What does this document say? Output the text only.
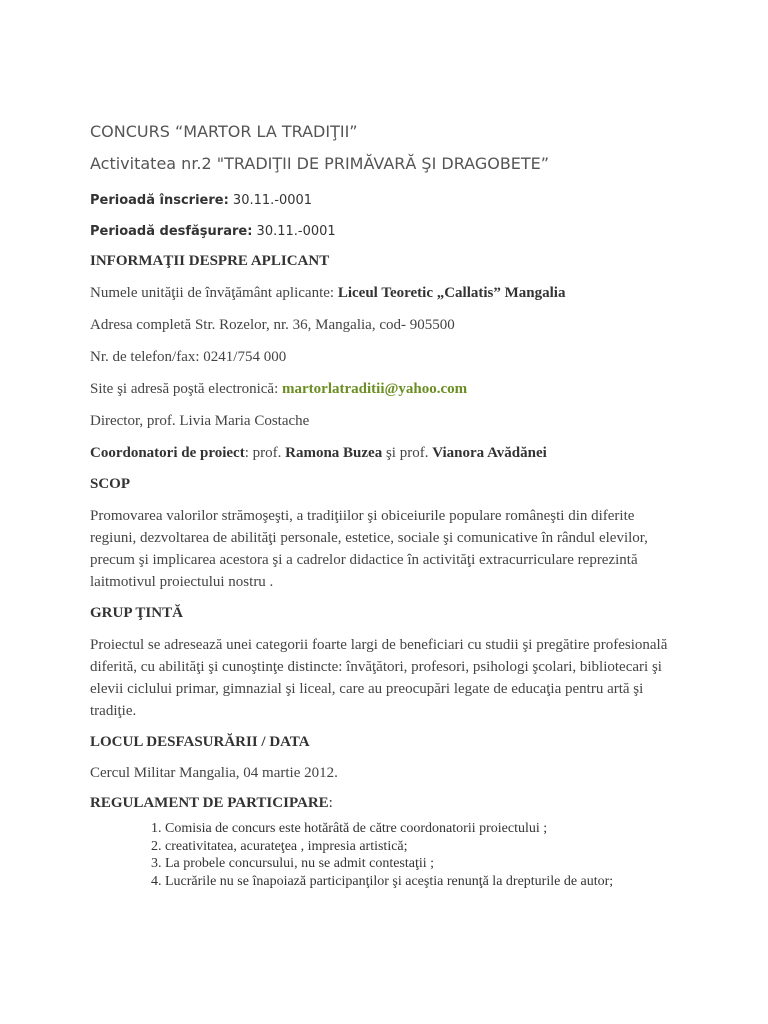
CONCURS “MARTOR LA TRADIŢII”
Activitatea nr.2 "TRADIŢII DE PRIMĂVARĂ ŞI DRAGOBETE”
Perioadă înscriere: 30.11.-0001
Perioadă desfăşurare: 30.11.-0001
INFORMAŢII DESPRE APLICANT
Numele unităţii de învăţământ aplicante: Liceul Teoretic „Callatis” Mangalia
Adresa completă Str. Rozelor, nr. 36, Mangalia, cod- 905500
Nr. de telefon/fax: 0241/754 000
Site şi adresă poştă electronică: martorlatraditii@yahoo.com
Director, prof. Livia Maria Costache
Coordonatori de proiect: prof. Ramona Buzea şi prof. Vianora Avădănei
SCOP
Promovarea valorilor strămoşeşti, a tradiţiilor şi obiceiurile populare româneşti din diferite regiuni, dezvoltarea de abilităţi personale, estetice, sociale şi comunicative în rândul elevilor, precum şi implicarea acestora şi a cadrelor didactice în activităţi extracurriculare reprezintă laitmotivul proiectului nostru .
GRUP ŢINTĂ
Proiectul se adresează unei categorii foarte largi de beneficiari cu studii şi pregătire profesională diferită, cu abilităţi şi cunoştinţe distincte: învăţători, profesori, psihologi şcolari, bibliotecari şi elevii ciclului primar, gimnazial şi liceal, care au preocupări legate de educaţia pentru artă şi tradiţie.
LOCUL DESFASURĂRII / DATA
Cercul Militar Mangalia, 04 martie 2012.
REGULAMENT DE PARTICIPARE:
1. Comisia de concurs este hotărâtă de către coordonatorii proiectului ;
2. creativitatea, acurateţea , impresia artistică;
3. La probele concursului, nu se admit contestaţii ;
4. Lucrările nu se înapoiază participanţilor şi aceştia renunţă la drepturile de autor;
